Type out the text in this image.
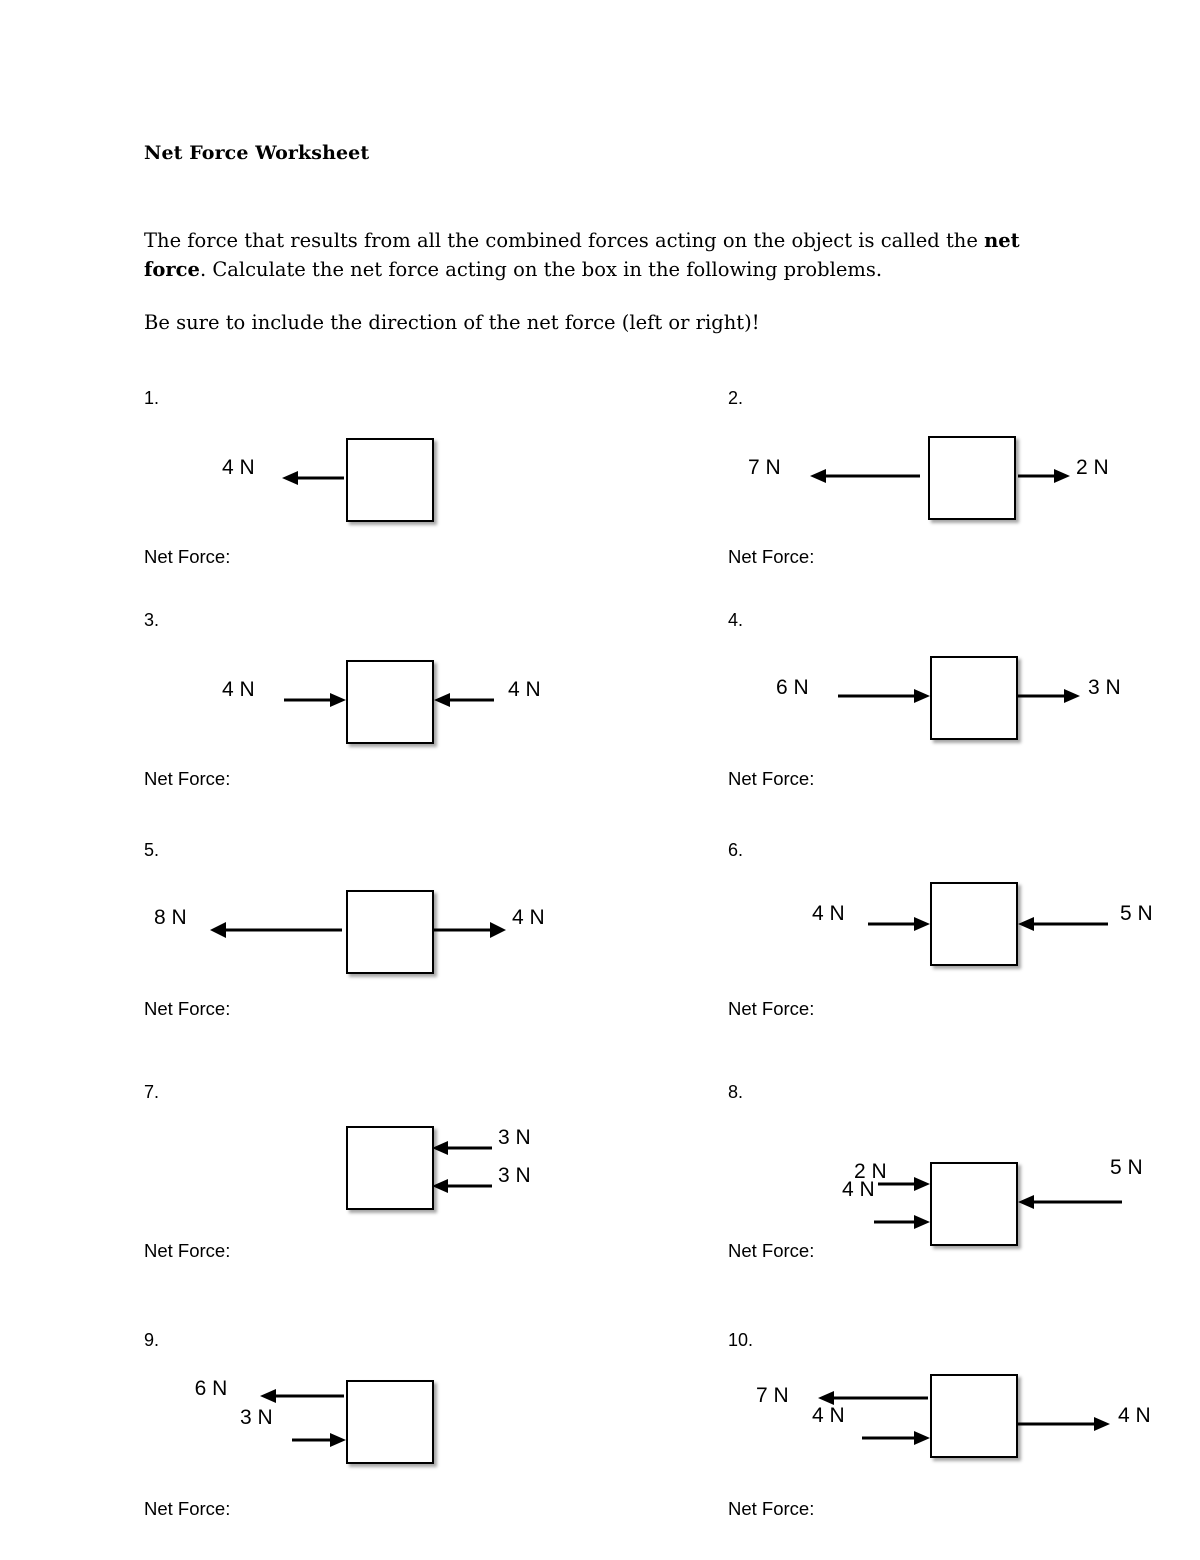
Net Force Worksheet
The force that results from all the combined forces acting on the object is called the net force. Calculate the net force acting on the box in the following problems.
Be sure to include the direction of the net force (left or right)!
1.
4 N
Net Force:
2.
7 N	2 N
Net Force:
3.
4 N	4 N
Net Force:
4.
6 N	3 N
Net Force:
5.
8 N	4 N
Net Force:
6.
4 N	5 N
Net Force:
7.
3 N
3 N
Net Force:
8.
4 N
2 N	5 N
Net Force:
9.
6 N
3 N
Net Force:
10.
7 N
4 N	4 N
Net Force:
